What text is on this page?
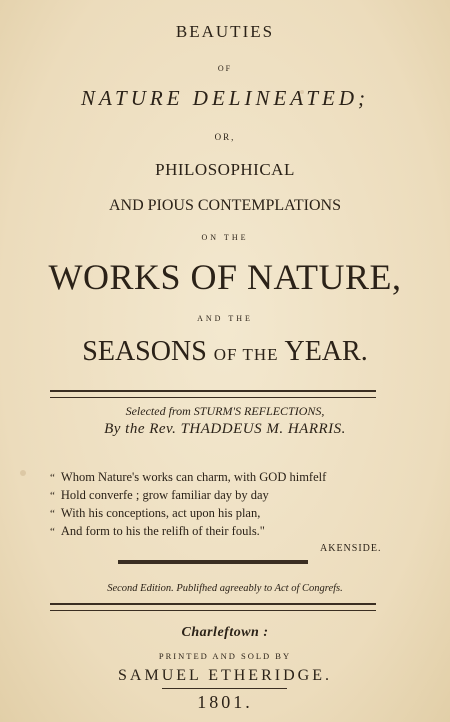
BEAUTIES
OF
NATURE DELINEATED;
OR,
PHILOSOPHICAL
AND PIOUS CONTEMPLATIONS
ON THE
WORKS OF NATURE,
AND THE
SEASONS OF THE YEAR.
Selected from STURM'S REFLECTIONS,
By the Rev. THADDEUS M. HARRIS.
“ Whom Nature's works can charm, with GOD himfelf
“ Hold converfe ; grow familiar day by day
“ With his conceptions, act upon his plan,
“ And form to his the relifh of their fouls."
AKENSIDE.
Second Edition. Publifhed agreeably to Act of Congrefs.
Charleftown :
PRINTED AND SOLD BY
SAMUEL ETHERIDGE.
1801.
